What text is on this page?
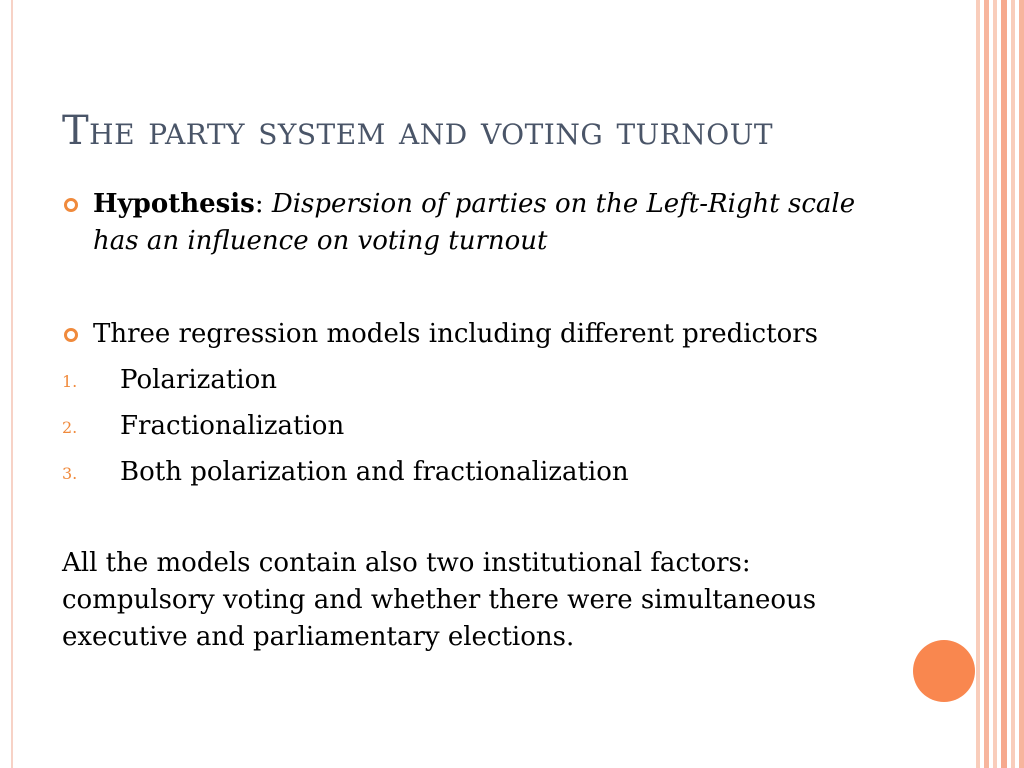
The party system and voting turnout
Hypothesis: Dispersion of parties on the Left-Right scale has an influence on voting turnout
Three regression models including different predictors
1. Polarization
2. Fractionalization
3. Both polarization and fractionalization
All the models contain also two institutional factors: compulsory voting and whether there were simultaneous executive and parliamentary elections.
